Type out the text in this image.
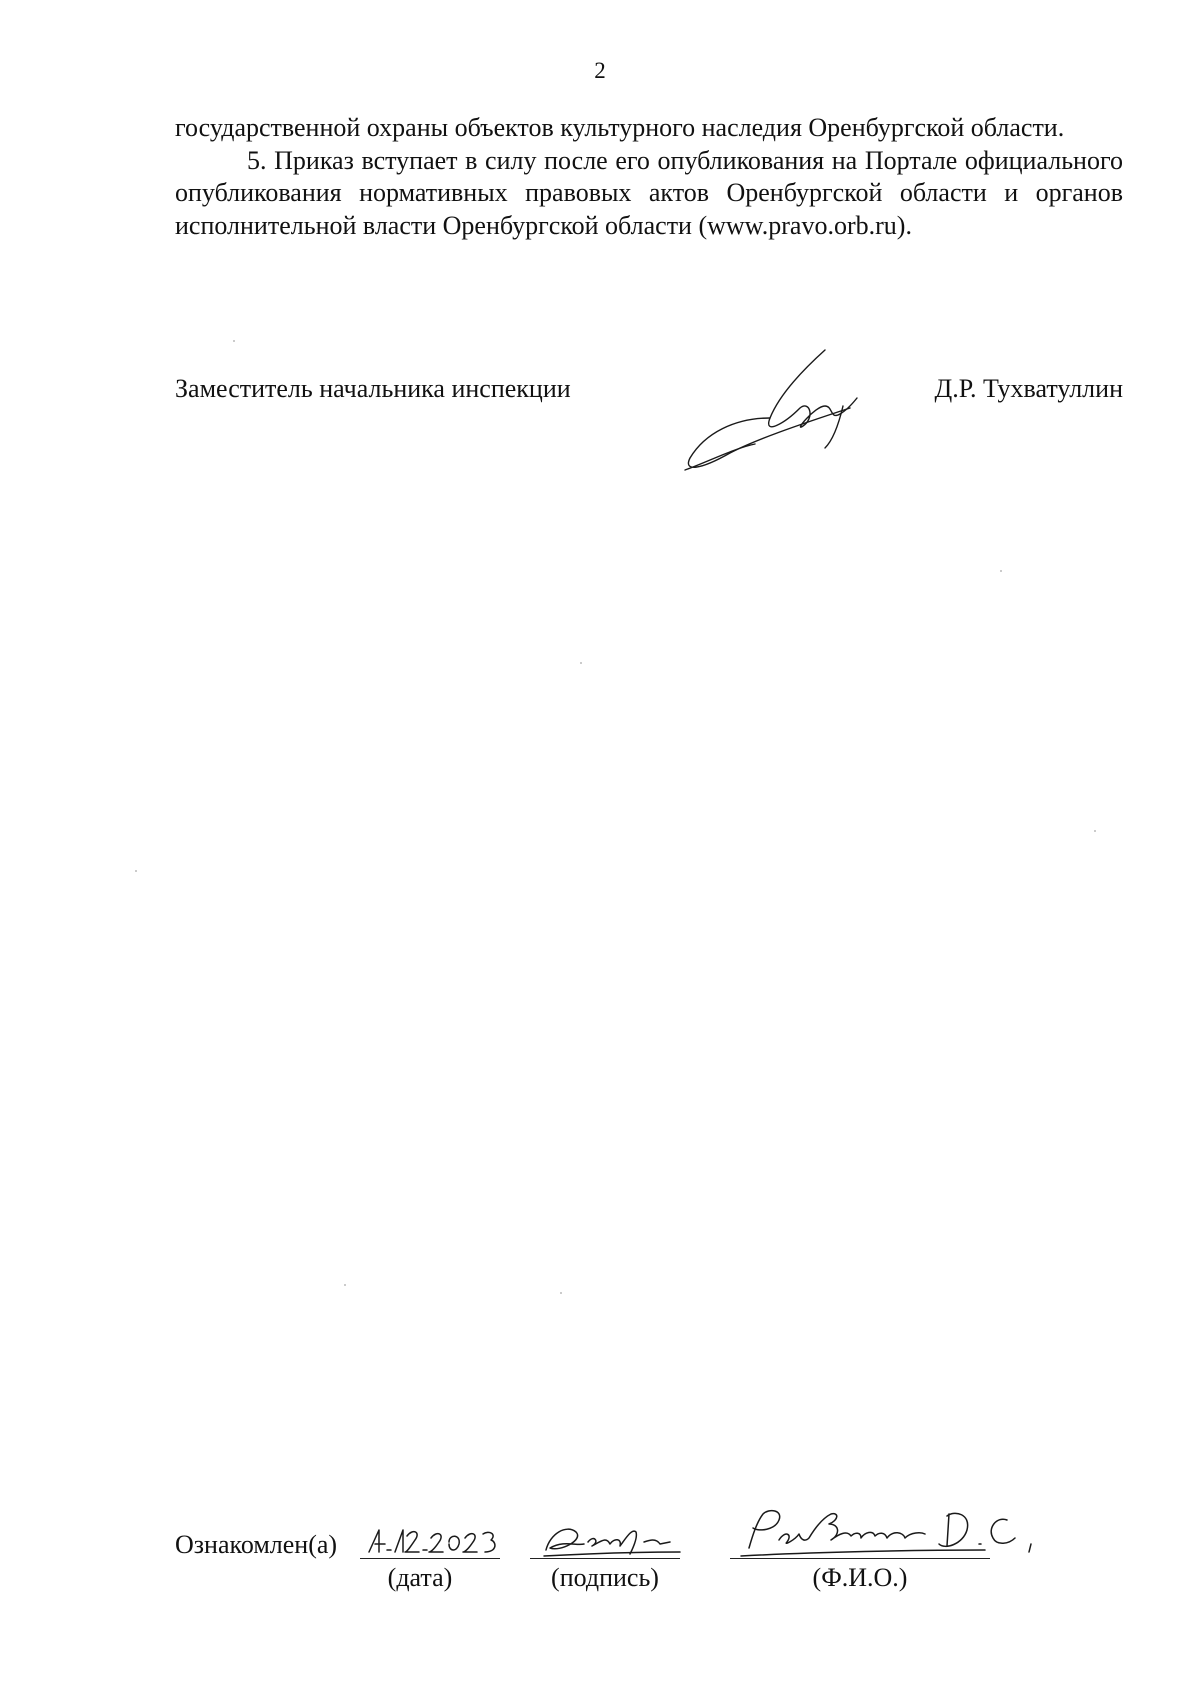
2

государственной охраны объектов культурного наследия Оренбургской области.

5. Приказ вступает в силу после его опубликования на Портале официального опубликования нормативных правовых актов Оренбургской области и органов исполнительной власти Оренбургской области (www.pravo.orb.ru).

Заместитель начальника инспекции	Д.Р. Тухватуллин
Ознакомлен(а)
(дата)	(подпись)	(Ф.И.О.)
